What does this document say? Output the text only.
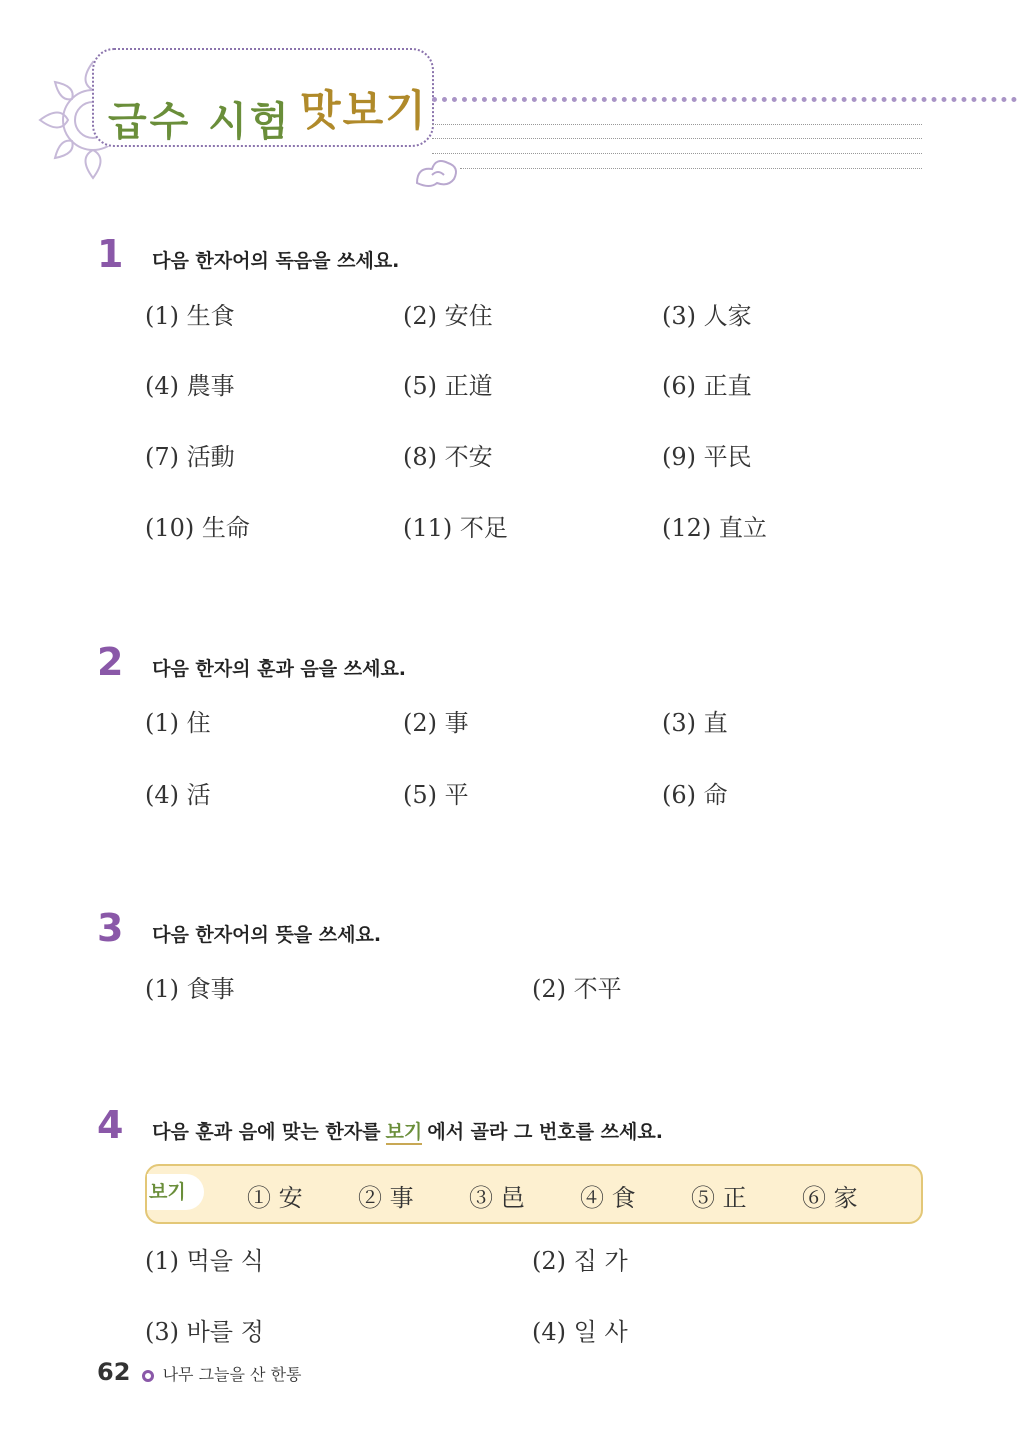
급수 시험 맛보기
1 다음 한자어의 독음을 쓰세요.
(1) 生食	(2) 安住	(3) 人家
(4) 農事	(5) 正道	(6) 正直
(7) 活動	(8) 不安	(9) 平民
(10) 生命	(11) 不足	(12) 直立
2 다음 한자의 훈과 음을 쓰세요.
(1) 住	(2) 事	(3) 直
(4) 活	(5) 平	(6) 命
3 다음 한자어의 뜻을 쓰세요.
(1) 食事	(2) 不平
4 다음 훈과 음에 맞는 한자를 보기 에서 골라 그 번호를 쓰세요.
보기	① 安 ② 事 ③ 邑 ④ 食 ⑤ 正 ⑥ 家
(1) 먹을 식	(2) 집 가
(3) 바를 정	(4) 일 사
62 나무 그늘을 산 한통
